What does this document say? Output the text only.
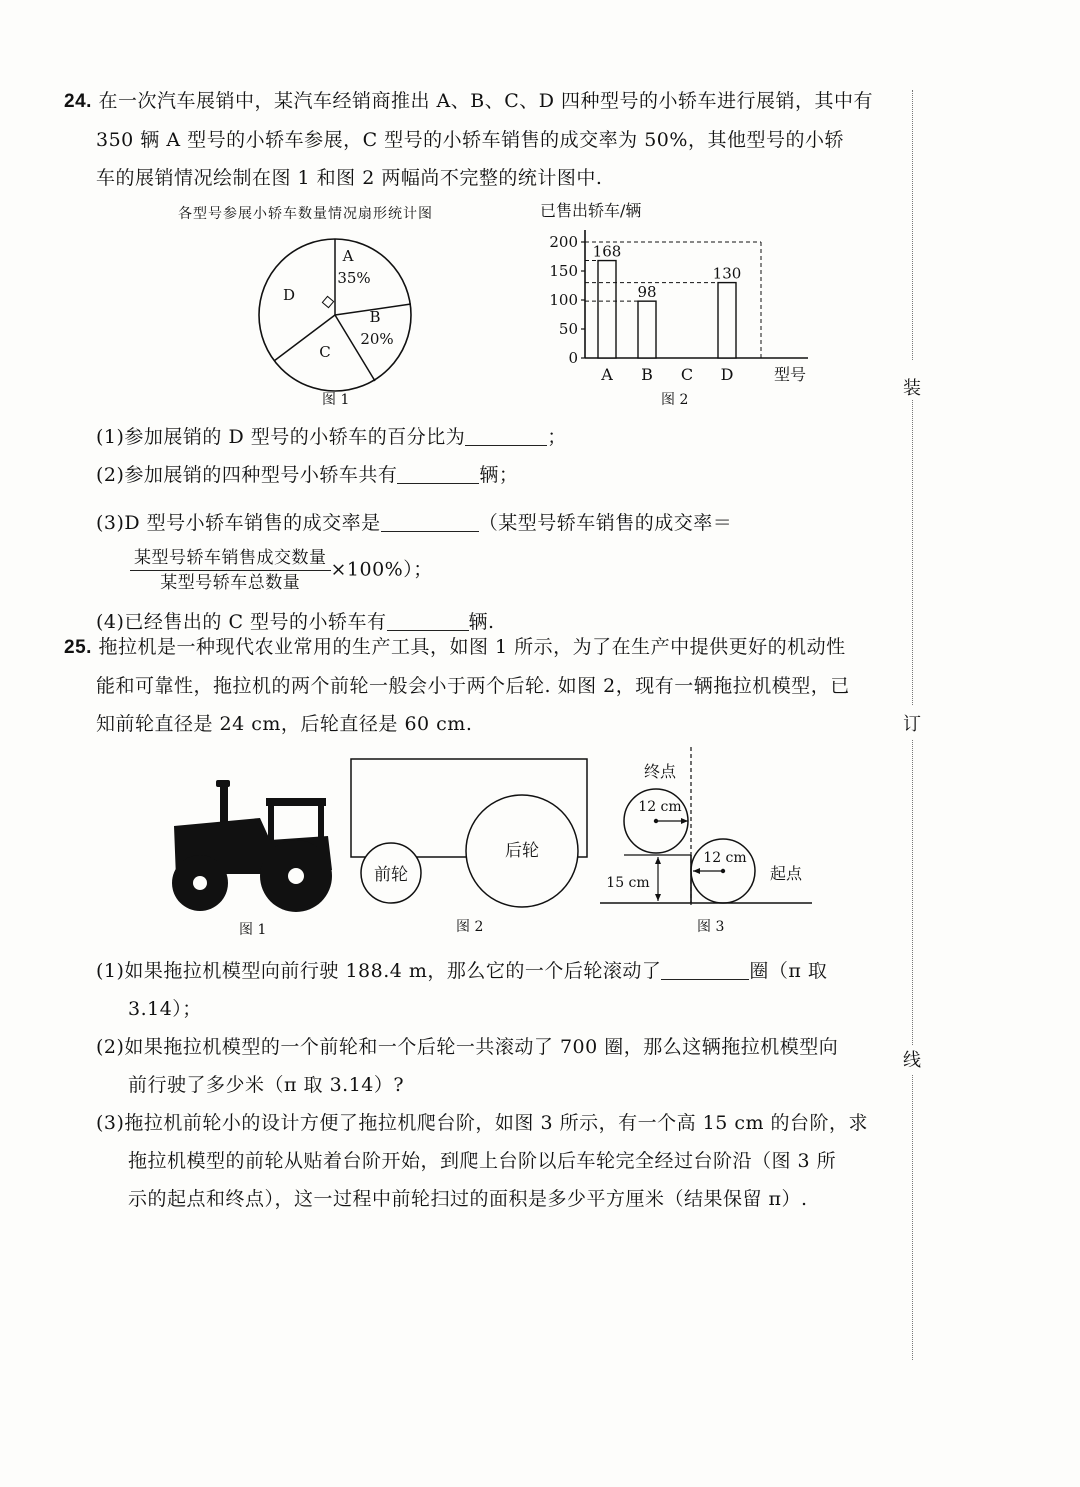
装
订
线
24. 在一次汽车展销中，某汽车经销商推出 A、B、C、D 四种型号的小轿车进行展销，其中有
350 辆 A 型号的小轿车参展，C 型号的小轿车销售的成交率为 50%，其他型号的小轿
车的展销情况绘制在图 1 和图 2 两幅尚不完整的统计图中.
各型号参展小轿车数量情况扇形统计图
A
35%
B
20%
C
D
图 1
已售出轿车/辆
型号
200
150
100
50
0
168
A
98
B C
130
D
图 2
(1)参加展销的 D 型号的小轿车的百分比为	；
(2)参加展销的四种型号小轿车共有	辆；
(3)D 型号小轿车销售的成交率是	（某型号轿车销售的成交率＝
$\frac{\text{某型号轿车销售成交数量}}{\text{某型号轿车总数量}} \times 100\%$）；
(4)已经售出的 C 型号的小轿车有	辆.
25. 拖拉机是一种现代农业常用的生产工具，如图 1 所示，为了在生产中提供更好的机动性
能和可靠性，拖拉机的两个前轮一般会小于两个后轮. 如图 2，现有一辆拖拉机模型，已
知前轮直径是 24 cm，后轮直径是 60 cm.
图 1
前轮
后轮
图 2
终点
12 cm
15 cm
12 cm
起点
图 3
(1)如果拖拉机模型向前行驶 188.4 m，那么它的一个后轮滚动了	圈（π 取
3.14）；
(2)如果拖拉机模型的一个前轮和一个后轮一共滚动了 700 圈，那么这辆拖拉机模型向
前行驶了多少米（π 取 3.14）?
(3)拖拉机前轮小的设计方便了拖拉机爬台阶，如图 3 所示，有一个高 15 cm 的台阶，求
拖拉机模型的前轮从贴着台阶开始，到爬上台阶以后车轮完全经过台阶沿（图 3 所
示的起点和终点），这一过程中前轮扫过的面积是多少平方厘米（结果保留 π）.
